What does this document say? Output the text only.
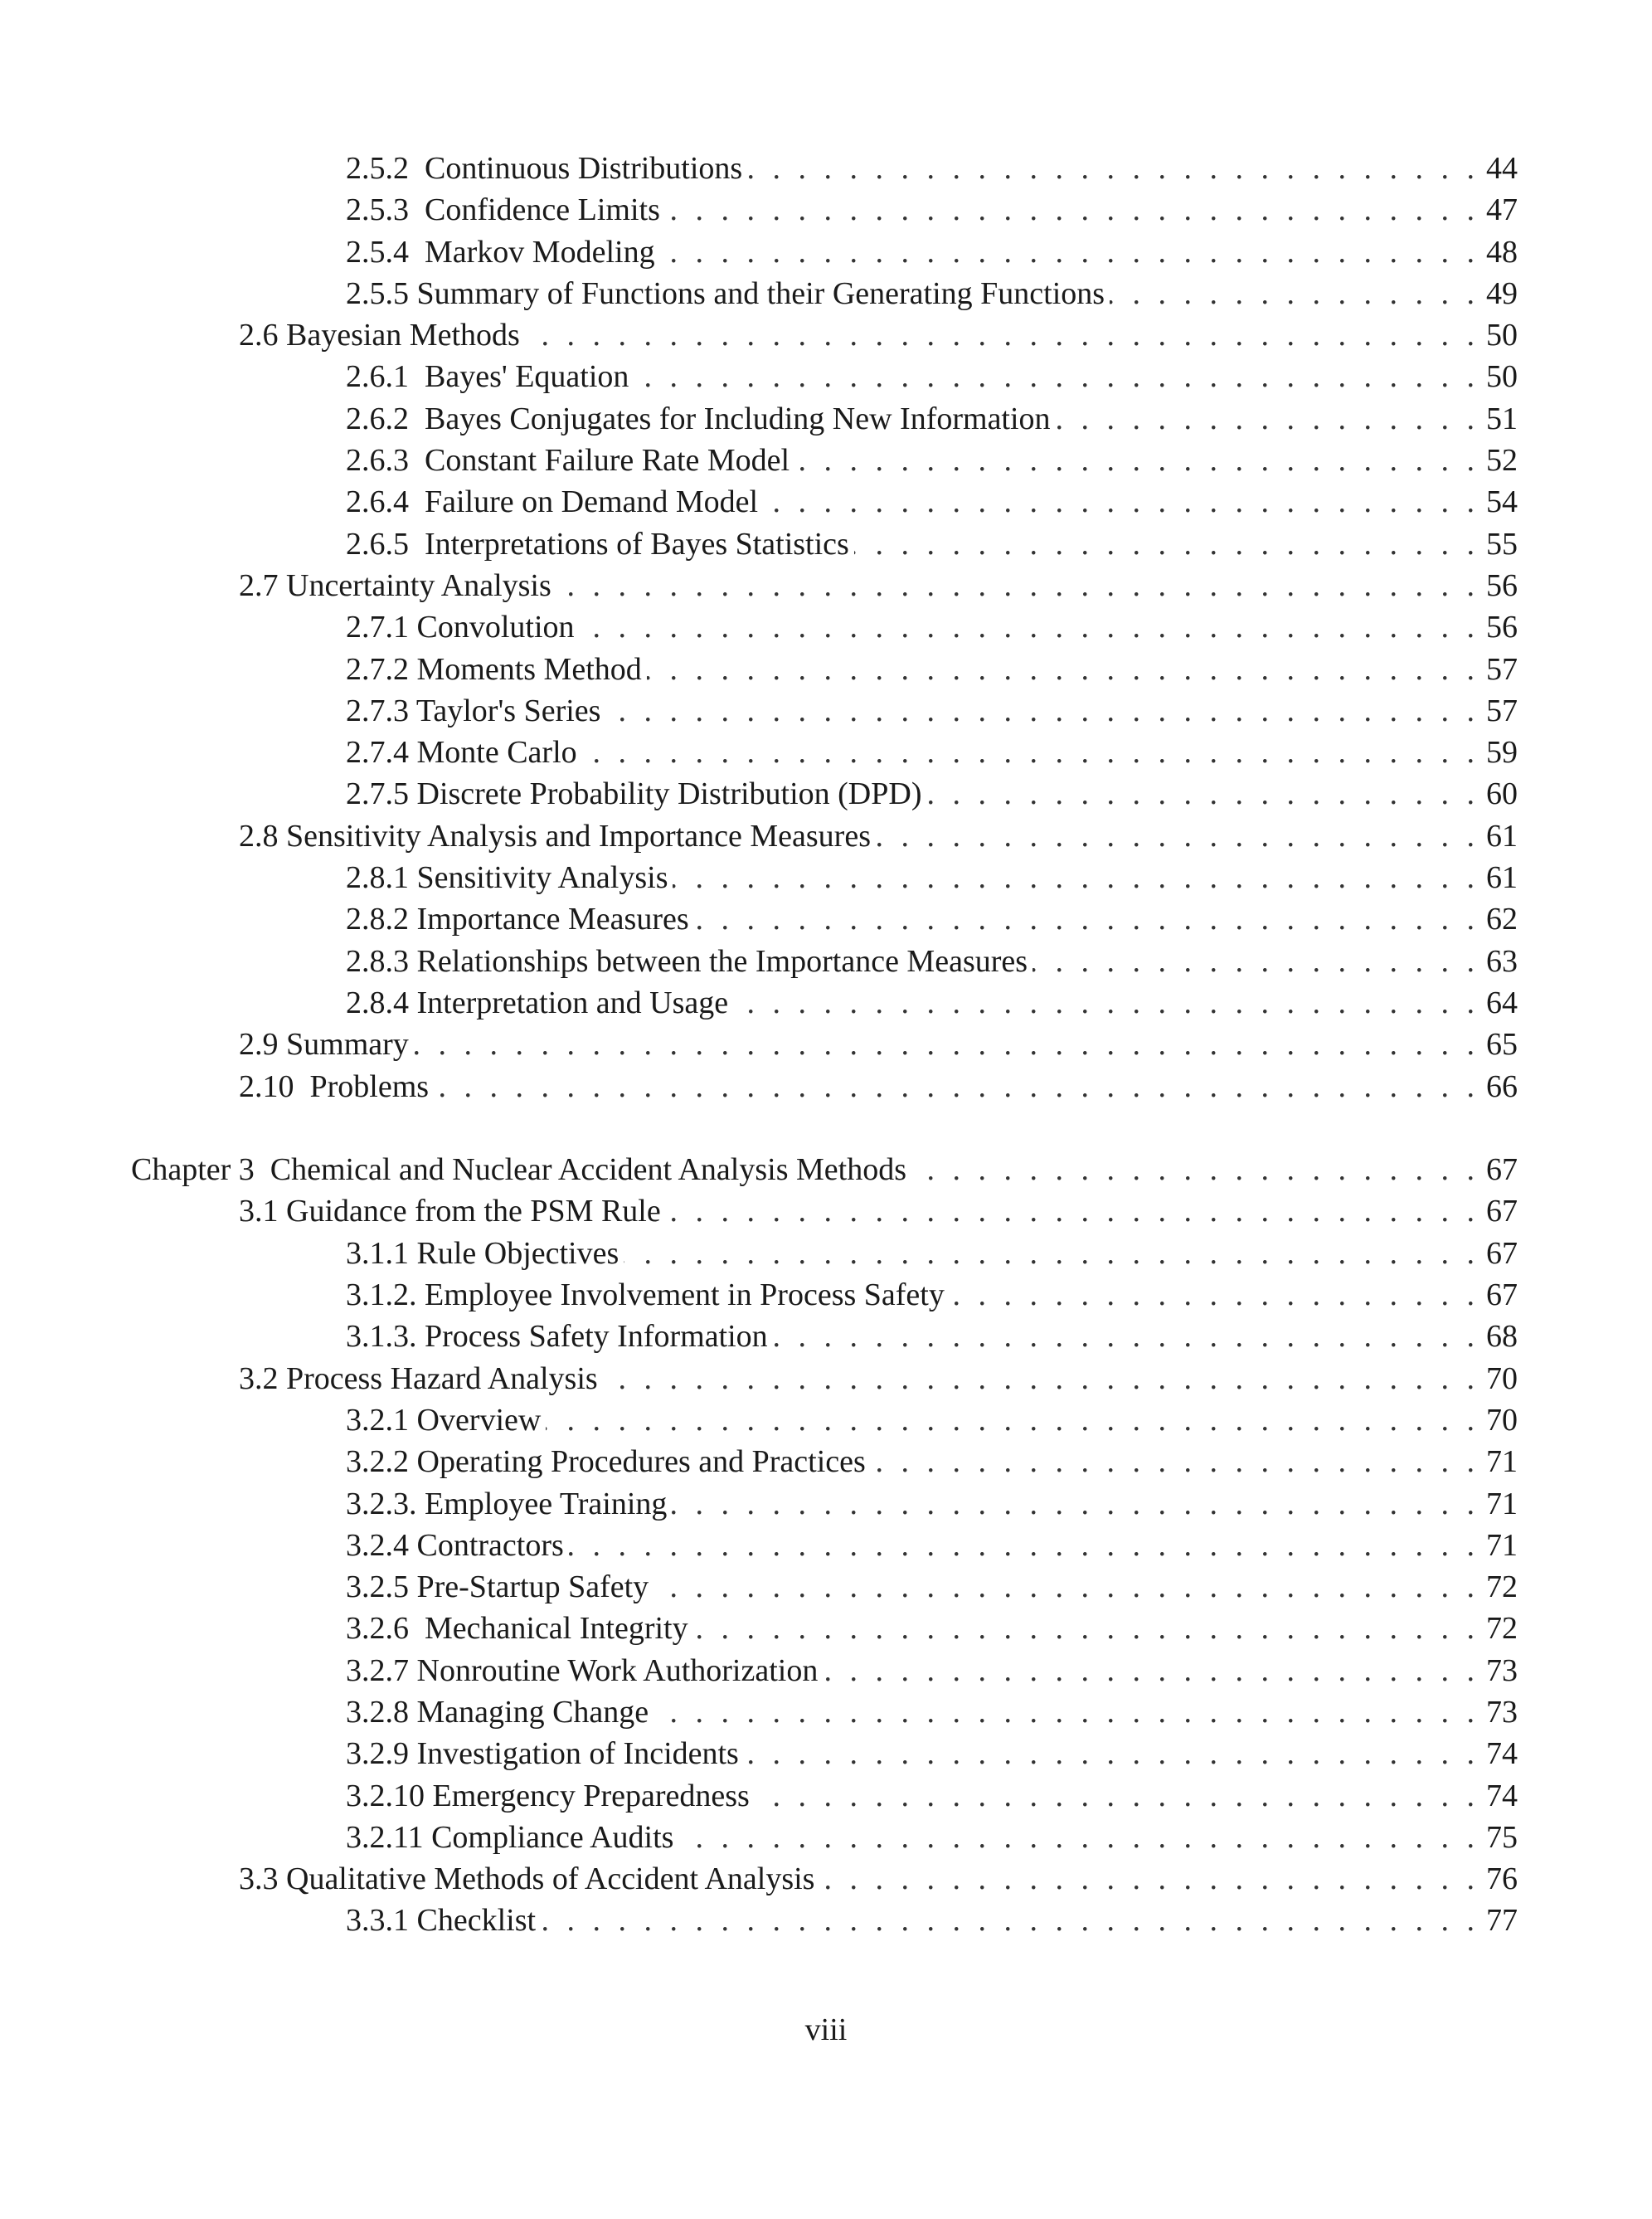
2.5.2  Continuous Distributions . . .	44
2.5.3  Confidence Limits . . .	47
2.5.4  Markov Modeling . . .	48
2.5.5 Summary of Functions and their Generating Functions . . .	49
2.6 Bayesian Methods . . .	50
2.6.1  Bayes' Equation . . .	50
2.6.2  Bayes Conjugates for Including New Information . . .	51
2.6.3  Constant Failure Rate Model . . .	52
2.6.4  Failure on Demand Model . . .	54
2.6.5  Interpretations of Bayes Statistics . . .	55
2.7 Uncertainty Analysis . . .	56
2.7.1 Convolution . . .	56
2.7.2 Moments Method . . .	57
2.7.3 Taylor's Series . . .	57
2.7.4 Monte Carlo . . .	59
2.7.5 Discrete Probability Distribution (DPD) . . .	60
2.8 Sensitivity Analysis and Importance Measures . . .	61
2.8.1 Sensitivity Analysis . . .	61
2.8.2 Importance Measures . . .	62
2.8.3 Relationships between the Importance Measures . . .	63
2.8.4 Interpretation and Usage . . .	64
2.9 Summary . . .	65
2.10  Problems . . .	66
Chapter 3  Chemical and Nuclear Accident Analysis Methods . . .	67
3.1 Guidance from the PSM Rule . . .	67
3.1.1 Rule Objectives . . .	67
3.1.2. Employee Involvement in Process Safety . . .	67
3.1.3. Process Safety Information . . .	68
3.2 Process Hazard Analysis . . .	70
3.2.1 Overview . . .	70
3.2.2 Operating Procedures and Practices . . .	71
3.2.3. Employee Training . . .	71
3.2.4 Contractors . . .	71
3.2.5 Pre-Startup Safety . . .	72
3.2.6  Mechanical Integrity . . .	72
3.2.7 Nonroutine Work Authorization . . .	73
3.2.8 Managing Change . . .	73
3.2.9 Investigation of Incidents . . .	74
3.2.10 Emergency Preparedness . . .	74
3.2.11 Compliance Audits . . .	75
3.3 Qualitative Methods of Accident Analysis . . .	76
3.3.1 Checklist . . .	77
viii
